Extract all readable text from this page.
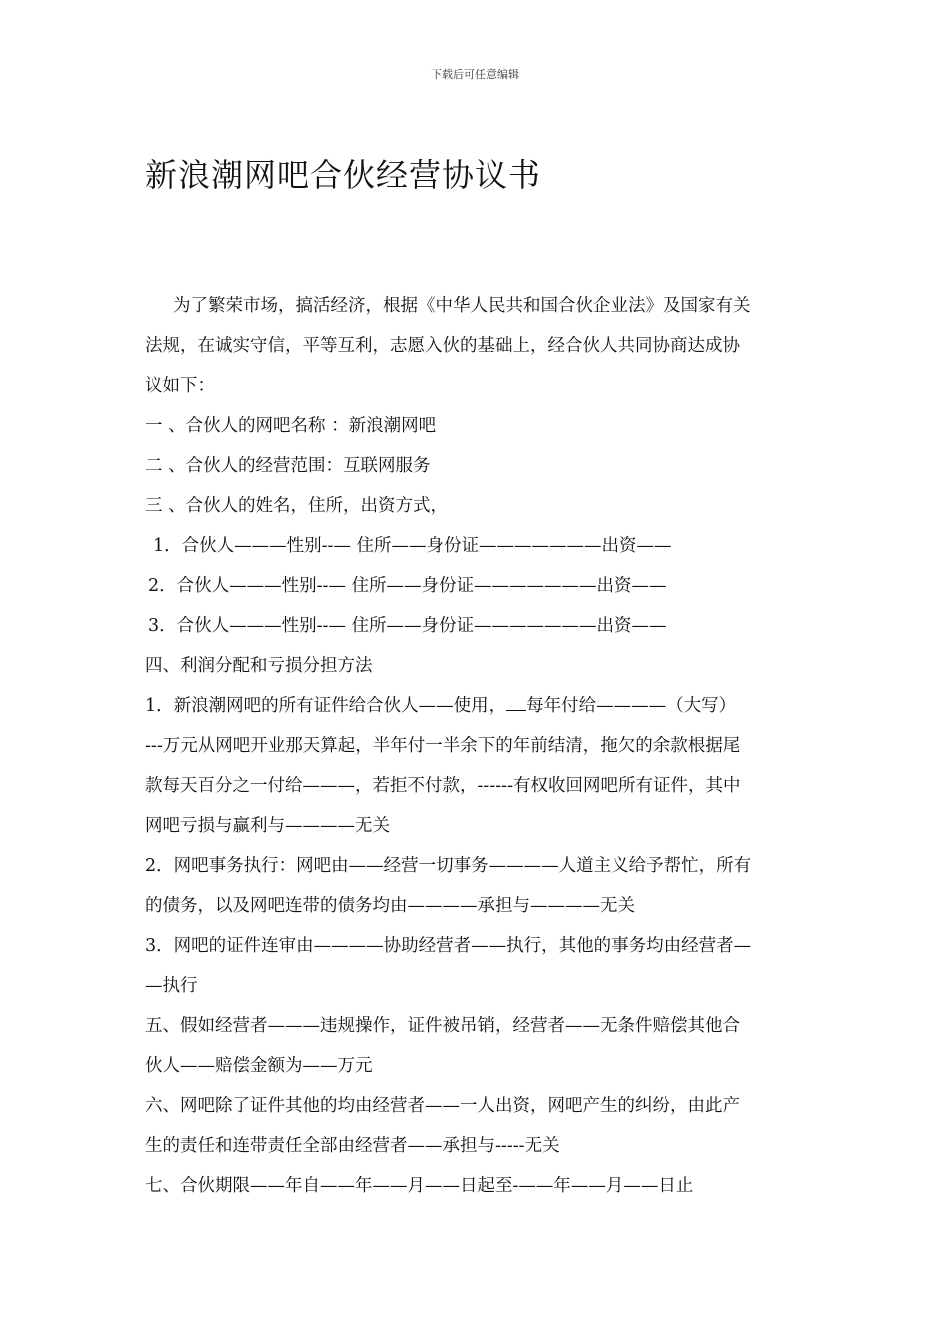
下载后可任意编辑
新浪潮网吧合伙经营协议书
为了繁荣市场，搞活经济，根据《中华人民共和国合伙企业法》及国家有关
法规，在诚实守信，平等互利，志愿入伙的基础上，经合伙人共同协商达成协
议如下：
一 、合伙人的网吧名称 ：新浪潮网吧
二 、合伙人的经营范围：互联网服务
三 、合伙人的姓名，住所，出资方式，
1．合伙人———性别--— 住所——身份证———————出资——
2．合伙人———性别--— 住所——身份证———————出资——
3．合伙人———性别--— 住所——身份证———————出资——
四、利润分配和亏损分担方法
1．新浪潮网吧的所有证件给合伙人——使用， 每年付给————（大写）
---万元从网吧开业那天算起，半年付一半余下的年前结清，拖欠的余款根据尾
款每天百分之一付给———，若拒不付款，------有权收回网吧所有证件，其中
网吧亏损与赢利与————无关
2．网吧事务执行：网吧由——经营一切事务————人道主义给予帮忙，所有
的债务，以及网吧连带的债务均由————承担与————无关
3．网吧的证件连审由————协助经营者——执行，其他的事务均由经营者—
—执行
五、假如经营者———违规操作，证件被吊销，经营者——无条件赔偿其他合
伙人——赔偿金额为——万元
六、网吧除了证件其他的均由经营者——一人出资，网吧产生的纠纷，由此产
生的责任和连带责任全部由经营者——承担与-----无关
七、合伙期限——年自——年——月——日起至-——年——月——日止
